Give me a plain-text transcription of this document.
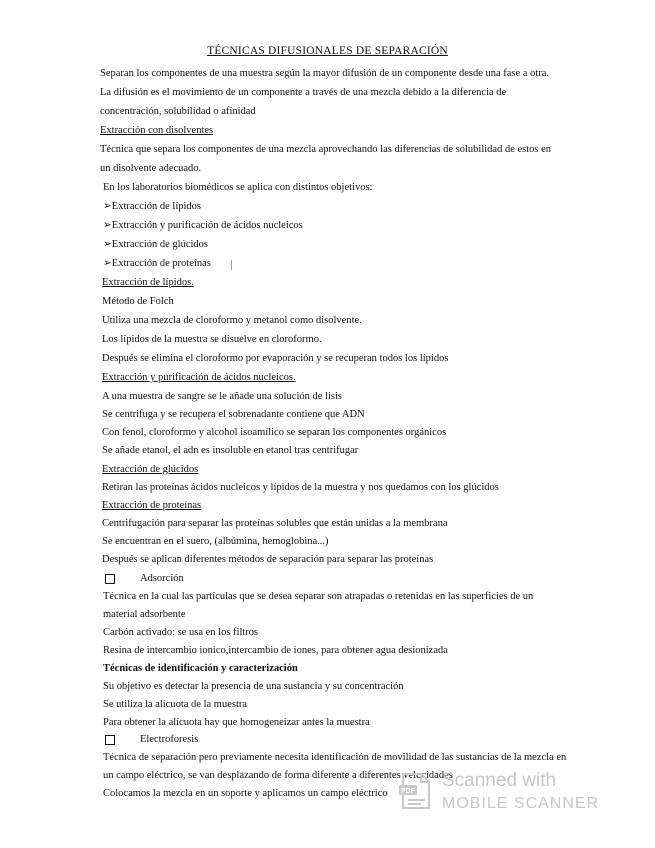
TÉCNICAS DIFUSIONALES DE SEPARACIÓN
Separan los componentes de una muestra según la mayor difusión de un componente desde una fase a otra.
La difusión es el movimiento de un componente a través de una mezcla debido a la diferencia de
concentración, solubilidad o afinidad
Extracción con disolventes
Técnica que separa los componentes de una mezcla aprovechando las diferencias de solubilidad de estos en
un disolvente adecuado.
En los laboratorios biomédicos se aplica con distintos objetivos:
➢Extracción de lípidos
➢Extracción y purificación de ácidos nucleicos
➢Extracción de glúcidos
➢Extracción de proteínas
Extracción de lípidos.
Método de Folch
Utiliza una mezcla de cloroformo y metanol como disolvente.
Los lípidos de la muestra se disuelve en cloroformo.
Después se elimina el cloroformo por evaporación y se recuperan todos los lípidos
Extracción y purificación de ácidos nucleicos.
A una muestra de sangre se le añade una solución de lisis
Se centrifuga y se recupera el sobrenadante contiene que ADN
Con fenol, cloroformo y alcohol isoamílico se separan los componentes orgánicos
Se añade etanol, el adn es insoluble en etanol tras centrifugar
Extracción de glúcidos
Retiran las proteínas ácidos nucleicos y lípidos de la muestra y nos quedamos con los glúcidos
Extracción de proteínas
Centrifugación para separar las proteínas solubles que están unidas a la membrana
Se encuentran en el suero, (albúmina, hemoglobina...)
Después se aplican diferentes métodos de separación para separar las proteínas
Adsorción
Técnica en la cual las partículas que se desea separar son atrapadas o retenidas en las superficies de un
material adsorbente
Carbón activado: se usa en los filtros
Resina de intercambio ionico,intercambio de iones, para obtener agua desionizada
Técnicas de identificación y caracterización
Su objetivo es detectar la presencia de una sustancia y su concentración
Se utiliza la alícuota de la muestra
Para obtener la alícuota hay que homogeneizar antes la muestra
Electroforesis
Técnica de separación pero previamente necesita identificación de movilidad de las sustancias de la mezcla en
un campo eléctrico, se van desplazando de forma diferente a diferentes velocidades
Colocamos la mezcla en un soporte y aplicamos un campo eléctrico PDF
Scanned with
MOBILE SCANNER
